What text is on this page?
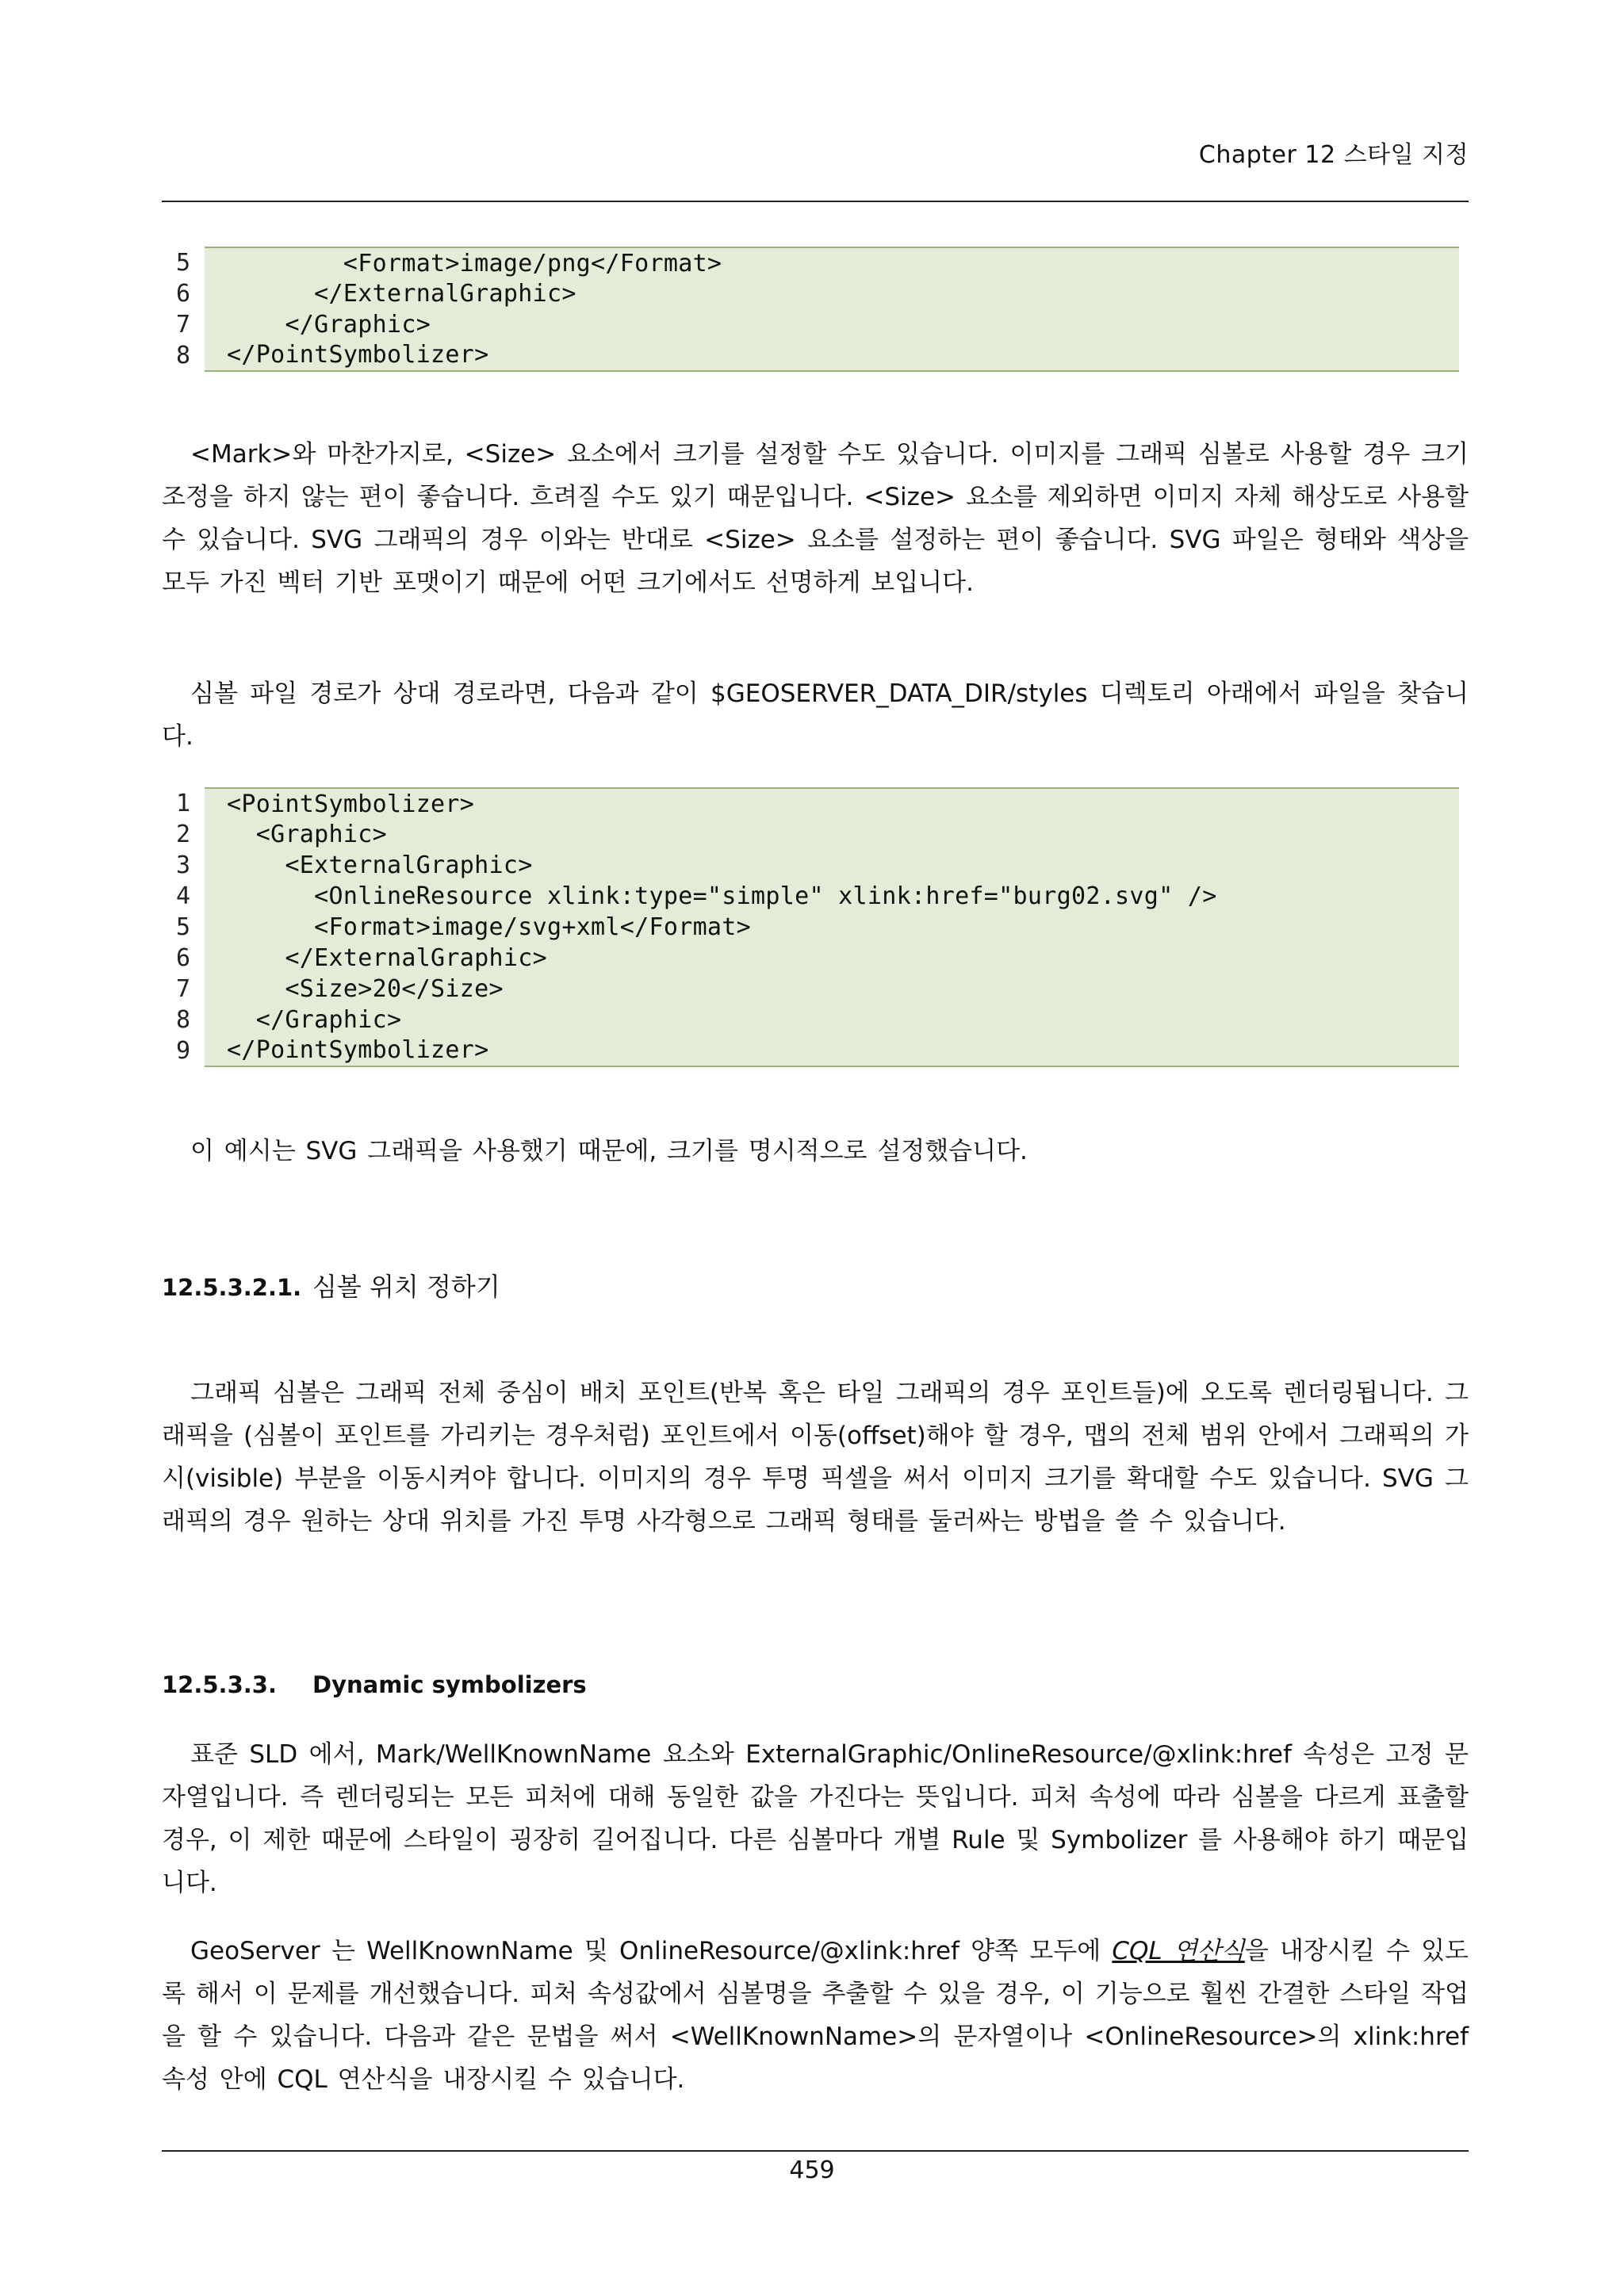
Chapter 12 스타일 지정
5	<Format>image/png</Format>
6	</ExternalGraphic>
7	</Graphic>
8	</PointSymbolizer>

<Mark>와 마찬가지로, <Size> 요소에서 크기를 설정할 수도 있습니다. 이미지를 그래픽 심볼로 사용할 경우 크기 조정을 하지 않는 편이 좋습니다. 흐려질 수도 있기 때문입니다. <Size> 요소를 제외하면 이미지 자체 해상도로 사용할 수 있습니다. SVG 그래픽의 경우 이와는 반대로 <Size> 요소를 설정하는 편이 좋습니다. SVG 파일은 형태와 색상을 모두 가진 벡터 기반 포맷이기 때문에 어떤 크기에서도 선명하게 보입니다.

심볼 파일 경로가 상대 경로라면, 다음과 같이 $GEOSERVER_DATA_DIR/styles 디렉토리 아래에서 파일을 찾습니다.

1	<PointSymbolizer>
2	<Graphic>
3	<ExternalGraphic>
4	<OnlineResource xlink:type="simple" xlink:href="burg02.svg" />
5	<Format>image/svg+xml</Format>
6	</ExternalGraphic>
7	<Size>20</Size>
8	</Graphic>
9	</PointSymbolizer>

이 예시는 SVG 그래픽을 사용했기 때문에, 크기를 명시적으로 설정했습니다.

12.5.3.2.1. 심볼 위치 정하기

그래픽 심볼은 그래픽 전체 중심이 배치 포인트(반복 혹은 타일 그래픽의 경우 포인트들)에 오도록 렌더링됩니다. 그래픽을 (심볼이 포인트를 가리키는 경우처럼) 포인트에서 이동(offset)해야 할 경우, 맵의 전체 범위 안에서 그래픽의 가시(visible) 부분을 이동시켜야 합니다. 이미지의 경우 투명 픽셀을 써서 이미지 크기를 확대할 수도 있습니다. SVG 그래픽의 경우 원하는 상대 위치를 가진 투명 사각형으로 그래픽 형태를 둘러싸는 방법을 쓸 수 있습니다.

12.5.3.3. Dynamic symbolizers

표준 SLD 에서, Mark/WellKnownName 요소와 ExternalGraphic/OnlineResource/@xlink:href 속성은 고정 문자열입니다. 즉 렌더링되는 모든 피처에 대해 동일한 값을 가진다는 뜻입니다. 피처 속성에 따라 심볼을 다르게 표출할 경우, 이 제한 때문에 스타일이 굉장히 길어집니다. 다른 심볼마다 개별 Rule 및 Symbolizer 를 사용해야 하기 때문입니다.

GeoServer 는 WellKnownName 및 OnlineResource/@xlink:href 양쪽 모두에 CQL 연산식을 내장시킬 수 있도록 해서 이 문제를 개선했습니다. 피처 속성값에서 심볼명을 추출할 수 있을 경우, 이 기능으로 훨씬 간결한 스타일 작업을 할 수 있습니다. 다음과 같은 문법을 써서 <WellKnownName>의 문자열이나 <OnlineResource>의 xlink:href 속성 안에 CQL 연산식을 내장시킬 수 있습니다.

459
